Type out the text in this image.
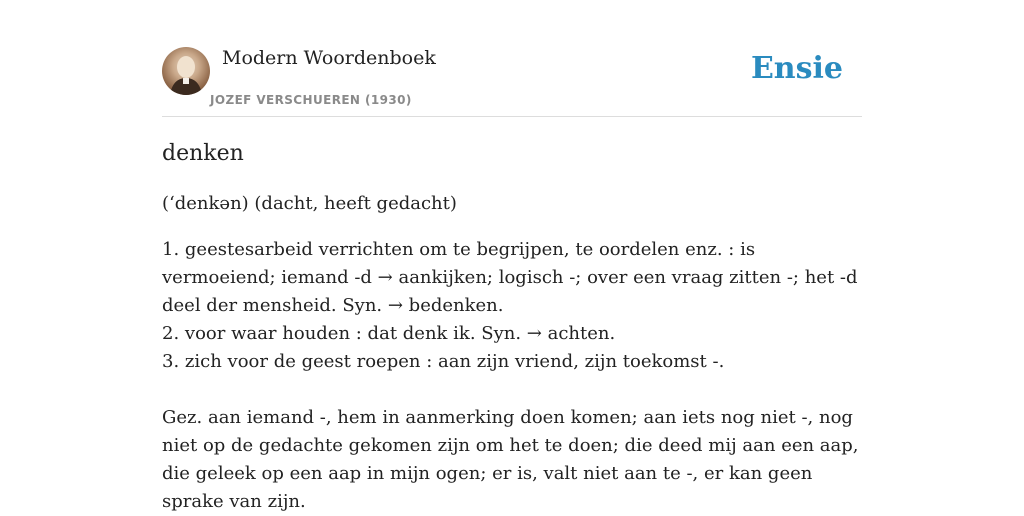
Modern Woordenboek
JOZEF VERSCHUEREN (1930)
Ensie
denken
(ʻdenkən) (dacht, heeft gedacht)

1. geestesarbeid verrichten om te begrijpen, te oordelen enz. : is vermoeiend; iemand -d → aankijken; logisch -; over een vraag zitten -; het -d deel der mensheid. Syn. → bedenken.

2. voor waar houden : dat denk ik. Syn. → achten.

3. zich voor de geest roepen : aan zijn vriend, zijn toekomst -.

Gez. aan iemand -, hem in aanmerking doen komen; aan iets nog niet -, nog niet op de gedachte gekomen zijn om het te doen; die deed mij aan een aap, die geleek op een aap in mijn ogen; er is, valt niet aan te -, er kan geen sprake van zijn.
